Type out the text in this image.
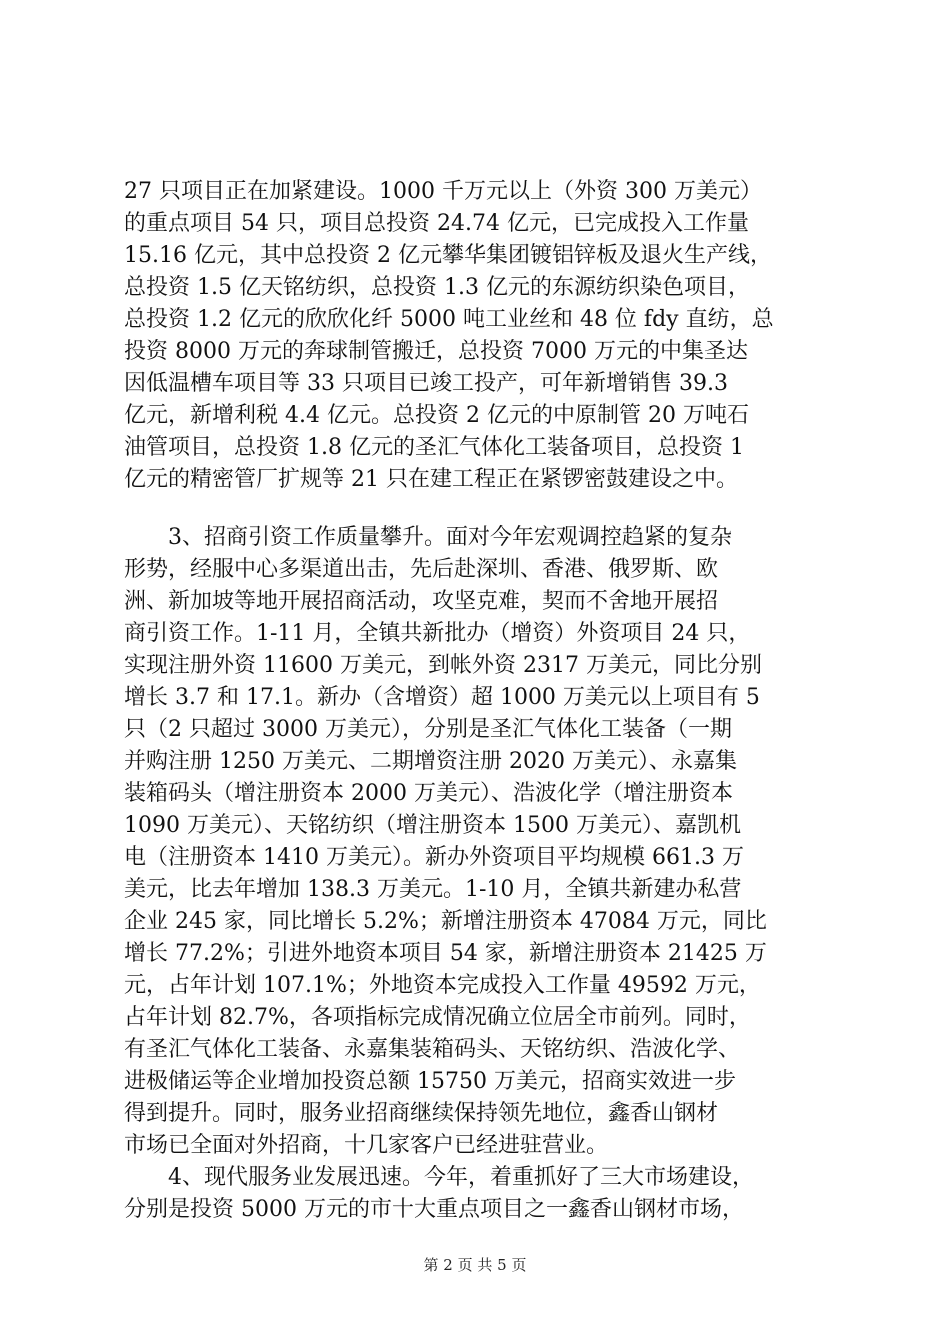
27 只项目正在加紧建设。1000 千万元以上（外资 300 万美元）
的重点项目 54 只，项目总投资 24.74 亿元，已完成投入工作量
15.16 亿元，其中总投资 2 亿元攀华集团镀铝锌板及退火生产线，
总投资 1.5 亿天铭纺织，总投资 1.3 亿元的东源纺织染色项目，
总投资 1.2 亿元的欣欣化纤 5000 吨工业丝和 48 位 fdy 直纺，总
投资 8000 万元的奔球制管搬迁，总投资 7000 万元的中集圣达
因低温槽车项目等 33 只项目已竣工投产，可年新增销售 39.3
亿元，新增利税 4.4 亿元。总投资 2 亿元的中原制管 20 万吨石
油管项目，总投资 1.8 亿元的圣汇气体化工装备项目，总投资 1
亿元的精密管厂扩规等 21 只在建工程正在紧锣密鼓建设之中。
　　3、招商引资工作质量攀升。面对今年宏观调控趋紧的复杂
形势，经服中心多渠道出击，先后赴深圳、香港、俄罗斯、欧
洲、新加坡等地开展招商活动，攻坚克难，契而不舍地开展招
商引资工作。1-11 月，全镇共新批办（增资）外资项目 24 只，
实现注册外资 11600 万美元，到帐外资 2317 万美元，同比分别
增长 3.7 和 17.1。新办（含增资）超 1000 万美元以上项目有 5
只（2 只超过 3000 万美元），分别是圣汇气体化工装备（一期
并购注册 1250 万美元、二期增资注册 2020 万美元）、永嘉集
装箱码头（增注册资本 2000 万美元）、浩波化学（增注册资本
1090 万美元）、天铭纺织（增注册资本 1500 万美元）、嘉凯机
电（注册资本 1410 万美元）。新办外资项目平均规模 661.3 万
美元，比去年增加 138.3 万美元。1-10 月，全镇共新建办私营
企业 245 家，同比增长 5.2%；新增注册资本 47084 万元，同比
增长 77.2%；引进外地资本项目 54 家，新增注册资本 21425 万
元，占年计划 107.1%；外地资本完成投入工作量 49592 万元，
占年计划 82.7%，各项指标完成情况确立位居全市前列。同时，
有圣汇气体化工装备、永嘉集装箱码头、天铭纺织、浩波化学、
进极储运等企业增加投资总额 15750 万美元，招商实效进一步
得到提升。同时，服务业招商继续保持领先地位，鑫香山钢材
市场已全面对外招商，十几家客户已经进驻营业。
　　4、现代服务业发展迅速。今年，着重抓好了三大市场建设，
分别是投资 5000 万元的市十大重点项目之一鑫香山钢材市场，
第 2 页 共 5 页
